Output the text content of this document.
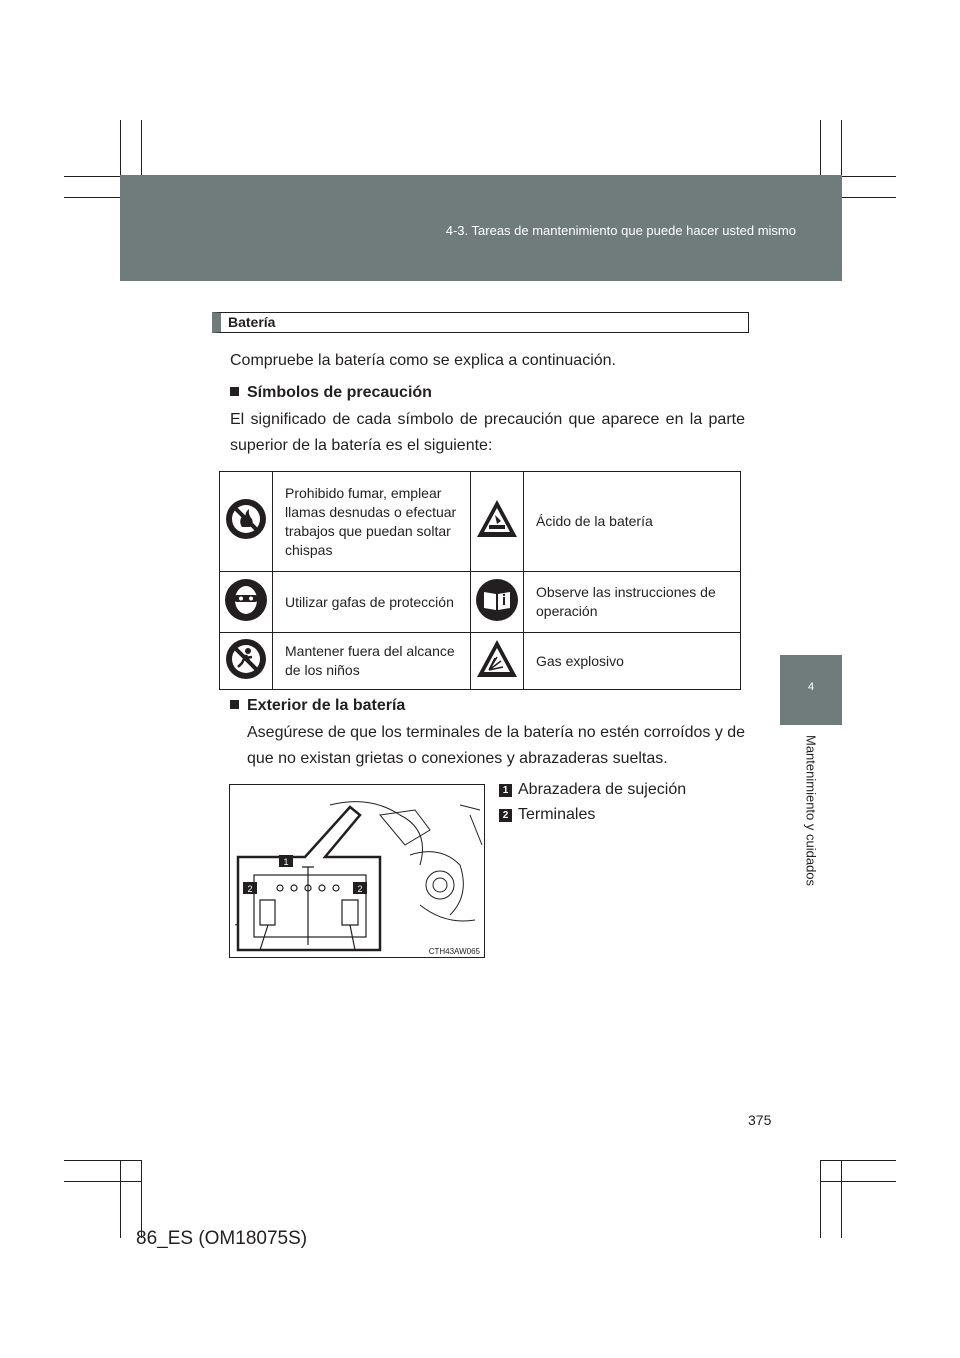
4-3. Tareas de mantenimiento que puede hacer usted mismo
4
Mantenimiento y cuidados
Batería
Compruebe la batería como se explica a continuación.
Símbolos de precaución
El significado de cada símbolo de precaución que aparece en la parte superior de la batería es el siguiente:
	Prohibido fumar, emplear llamas desnudas o efectuar trabajos que puedan soltar chispas		Ácido de la batería
	Utilizar gafas de protección		Observe las instrucciones de operación
	Mantener fuera del alcance de los niños		Gas explosivo
Exterior de la batería
Asegúrese de que los terminales de la batería no estén corroídos y de que no existan grietas o conexiones y abrazaderas sueltas.
1
2	2
CTH43AW065
1 Abrazadera de sujeción
2 Terminales
375
86_ES (OM18075S)
